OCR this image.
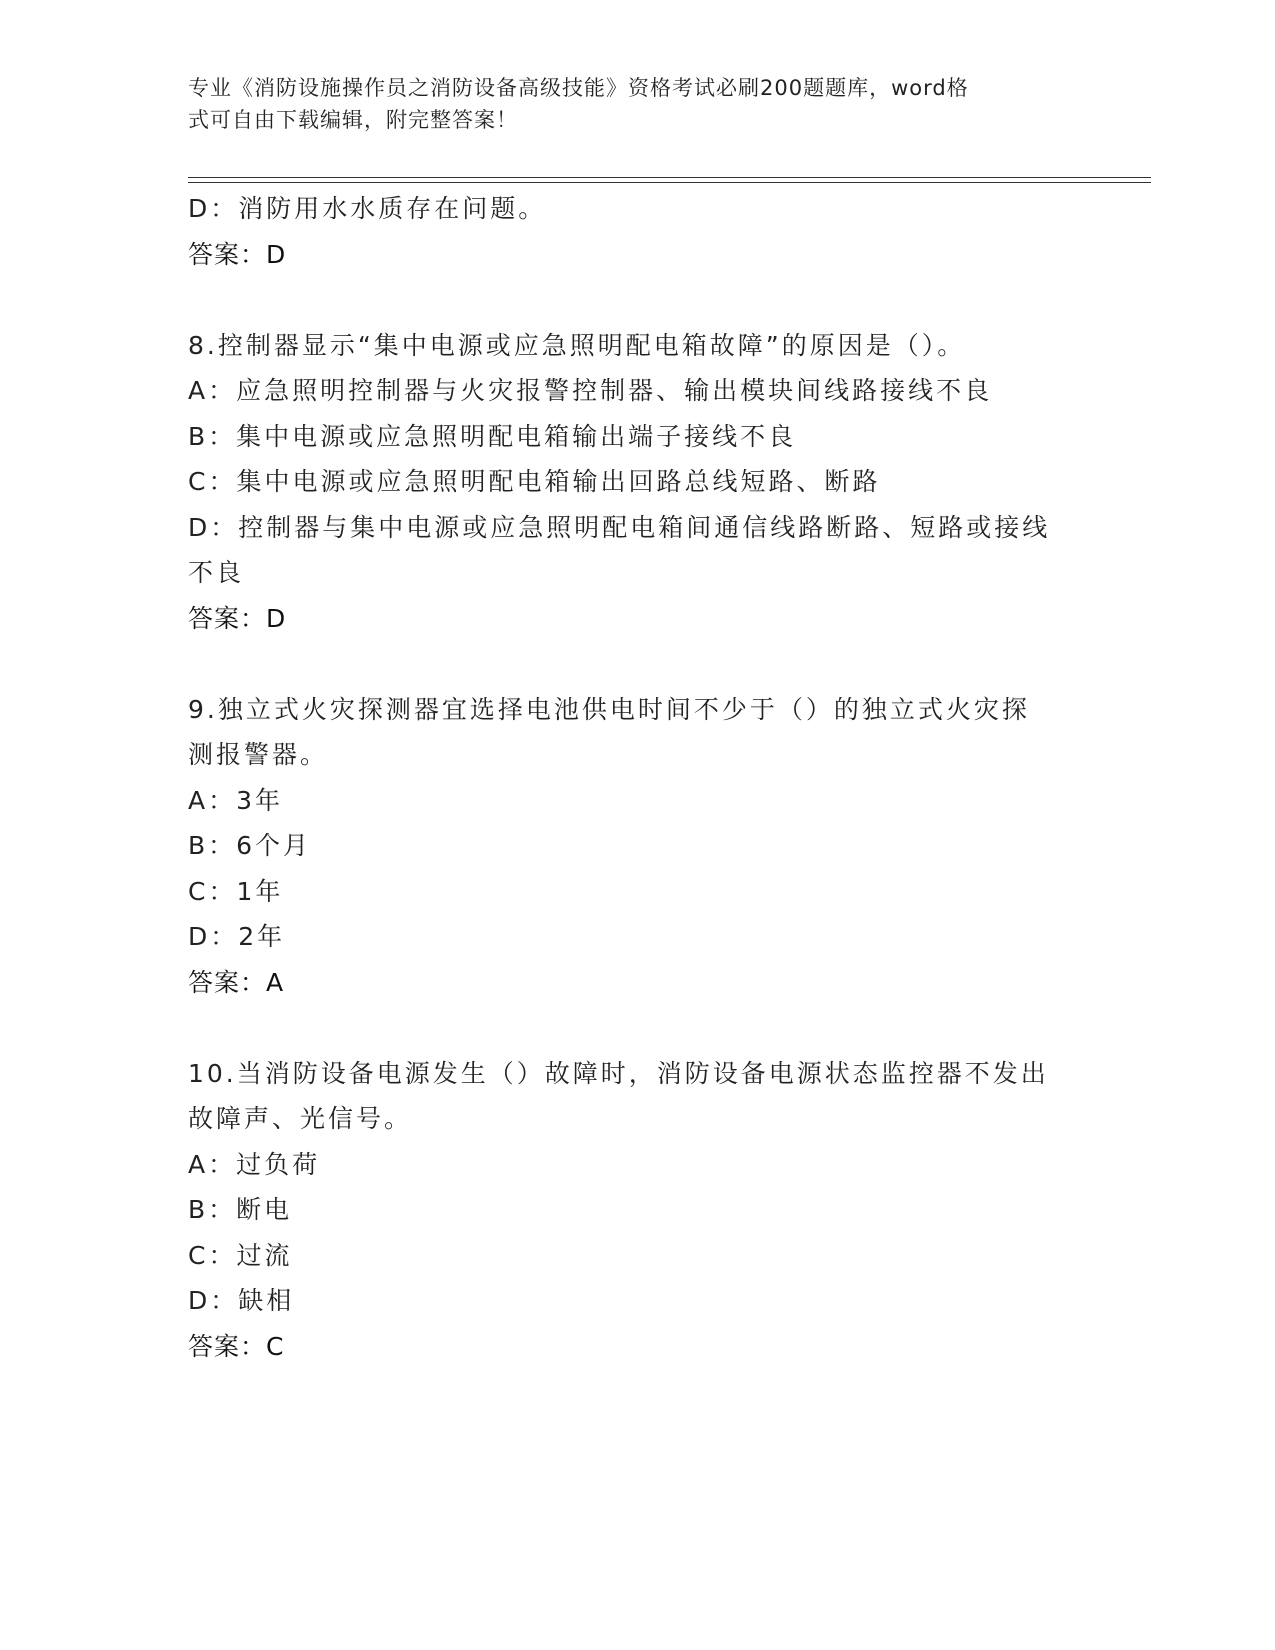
专业《消防设施操作员之消防设备高级技能》资格考试必刷200题题库，word格
式可自由下载编辑，附完整答案！
D：消防用水水质存在问题。
答案：D
8.控制器显示“集中电源或应急照明配电箱故障”的原因是（）。
A：应急照明控制器与火灾报警控制器、输出模块间线路接线不良
B：集中电源或应急照明配电箱输出端子接线不良
C：集中电源或应急照明配电箱输出回路总线短路、断路
D：控制器与集中电源或应急照明配电箱间通信线路断路、短路或接线
不良
答案：D
9.独立式火灾探测器宜选择电池供电时间不少于（）的独立式火灾探
测报警器。
A：3年
B：6个月
C：1年
D：2年
答案：A
10.当消防设备电源发生（）故障时，消防设备电源状态监控器不发出
故障声、光信号。
A：过负荷
B：断电
C：过流
D：缺相
答案：C
